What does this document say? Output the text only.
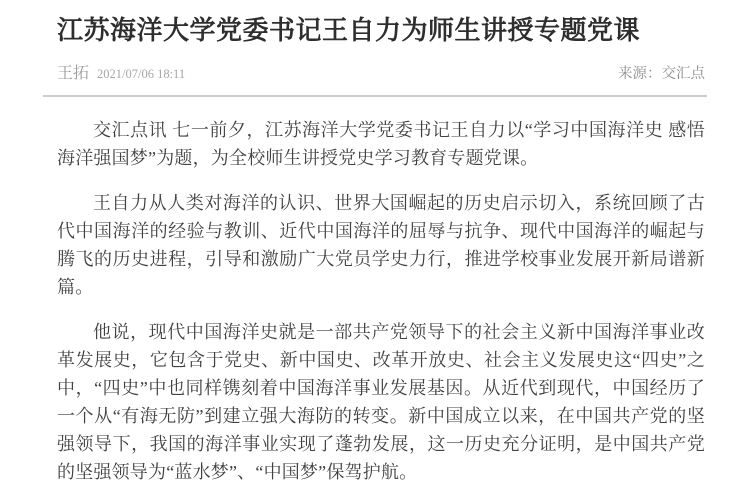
江苏海洋大学党委书记王自力为师生讲授专题党课
王拓 2021/07/06 18:11	来源：交汇点

交汇点讯 七一前夕，江苏海洋大学党委书记王自力以“学习中国海洋史 感悟海洋强国梦”为题，为全校师生讲授党史学习教育专题党课。

王自力从人类对海洋的认识、世界大国崛起的历史启示切入，系统回顾了古代中国海洋的经验与教训、近代中国海洋的屈辱与抗争、现代中国海洋的崛起与腾飞的历史进程，引导和激励广大党员学史力行，推进学校事业发展开新局谱新篇。

他说，现代中国海洋史就是一部共产党领导下的社会主义新中国海洋事业改革发展史，它包含于党史、新中国史、改革开放史、社会主义发展史这“四史”之中，“四史”中也同样镌刻着中国海洋事业发展基因。从近代到现代，中国经历了一个从“有海无防”到建立强大海防的转变。新中国成立以来，在中国共产党的坚强领导下，我国的海洋事业实现了蓬勃发展，这一历史充分证明，是中国共产党的坚强领导为“蓝水梦”、“中国梦”保驾护航。
